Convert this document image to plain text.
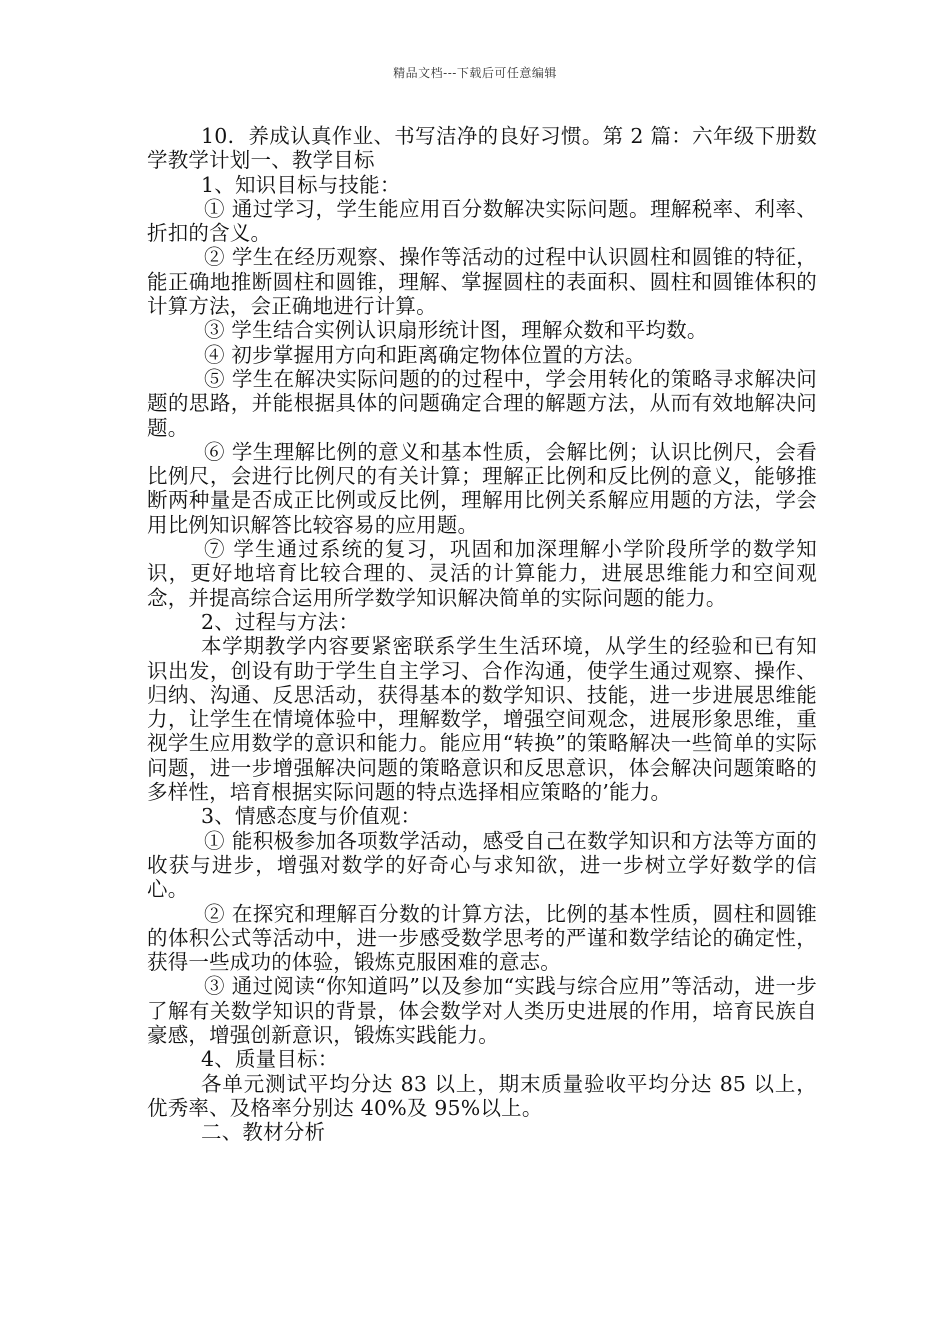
精品文档---下载后可任意编辑

10．养成认真作业、书写洁净的良好习惯。第 2 篇：六年级下册数学教学计划一、教学目标

1、知识目标与技能：

① 通过学习，学生能应用百分数解决实际问题。理解税率、利率、折扣的含义。

② 学生在经历观察、操作等活动的过程中认识圆柱和圆锥的特征，能正确地推断圆柱和圆锥，理解、掌握圆柱的表面积、圆柱和圆锥体积的计算方法，会正确地进行计算。

③ 学生结合实例认识扇形统计图，理解众数和平均数。

④ 初步掌握用方向和距离确定物体位置的方法。

⑤ 学生在解决实际问题的的过程中，学会用转化的策略寻求解决问题的思路，并能根据具体的问题确定合理的解题方法，从而有效地解决问题。

⑥ 学生理解比例的意义和基本性质，会解比例；认识比例尺，会看比例尺，会进行比例尺的有关计算；理解正比例和反比例的意义，能够推断两种量是否成正比例或反比例，理解用比例关系解应用题的方法，学会用比例知识解答比较容易的应用题。

⑦ 学生通过系统的复习，巩固和加深理解小学阶段所学的数学知识，更好地培育比较合理的、灵活的计算能力，进展思维能力和空间观念，并提高综合运用所学数学知识解决简单的实际问题的能力。

2、过程与方法：

本学期教学内容要紧密联系学生生活环境，从学生的经验和已有知识出发，创设有助于学生自主学习、合作沟通，使学生通过观察、操作、归纳、沟通、反思活动，获得基本的数学知识、技能，进一步进展思维能力，让学生在情境体验中，理解数学，增强空间观念，进展形象思维，重视学生应用数学的意识和能力。能应用“转换”的策略解决一些简单的实际问题，进一步增强解决问题的策略意识和反思意识，体会解决问题策略的多样性，培育根据实际问题的特点选择相应策略的’能力。

3、情感态度与价值观：

① 能积极参加各项数学活动，感受自己在数学知识和方法等方面的收获与进步，增强对数学的好奇心与求知欲，进一步树立学好数学的信心。

② 在探究和理解百分数的计算方法，比例的基本性质，圆柱和圆锥的体积公式等活动中，进一步感受数学思考的严谨和数学结论的确定性，获得一些成功的体验，锻炼克服困难的意志。

③ 通过阅读“你知道吗”以及参加“实践与综合应用”等活动，进一步了解有关数学知识的背景，体会数学对人类历史进展的作用，培育民族自豪感，增强创新意识，锻炼实践能力。

4、质量目标：

各单元测试平均分达 83 以上，期末质量验收平均分达 85 以上，优秀率、及格率分别达 40%及 95%以上。

二、教材分析
